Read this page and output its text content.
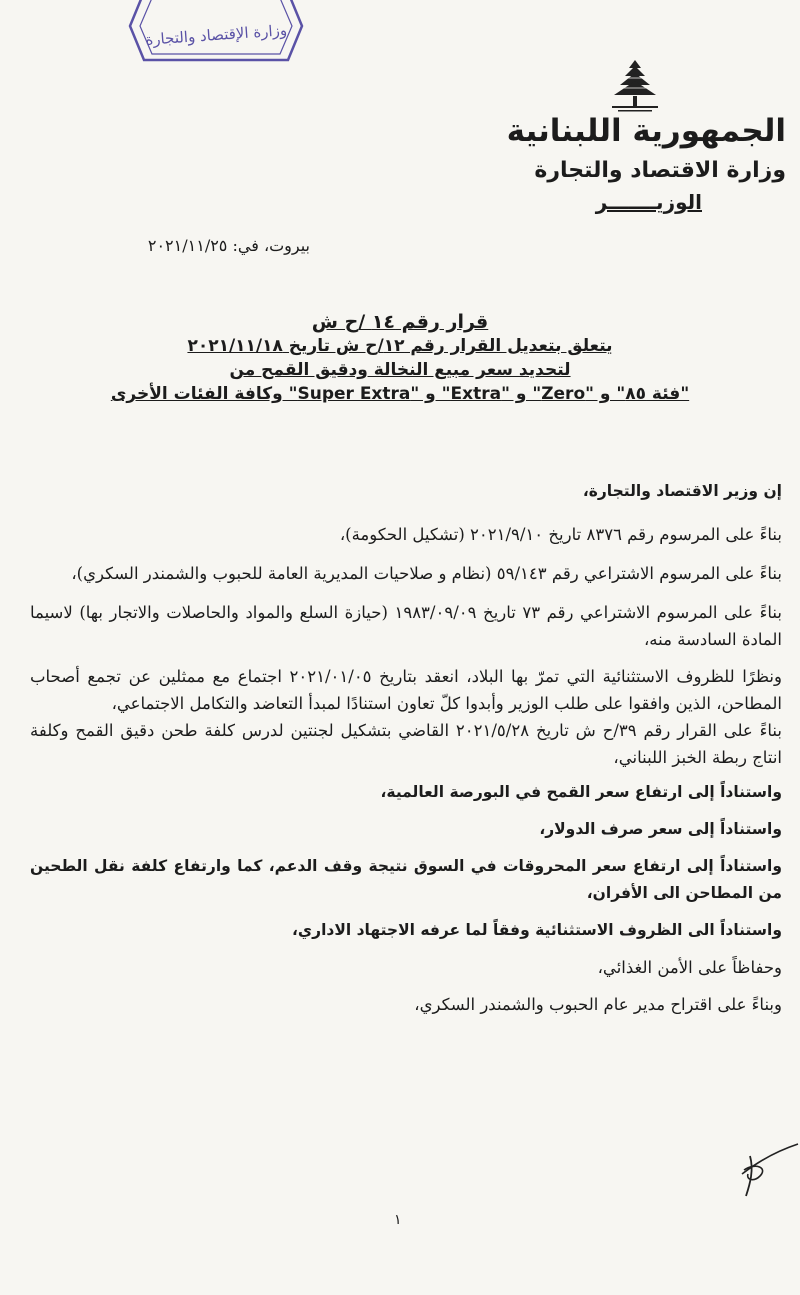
وزارة الإقتصاد والتجارة
الجمهورية اللبنانية
وزارة الاقتصاد والتجارة
الوزيـــــــر
بيروت، في: ٢٠٢١/١١/٢٥
قرار رقم ١٤ /ح ش
يتعلق بتعديل القرار رقم ١٢/ح ش تاريخ ٢٠٢١/١١/١٨
لتحديد سعر مبيع النخالة ودقيق القمح من
"فئة ٨٥" و "Zero" و "Extra" و "Super Extra" وكافة الفئات الأخرى

إن وزير الاقتصاد والتجارة،

بناءً على المرسوم رقم ٨٣٧٦ تاريخ ٢٠٢١/٩/١٠ (تشكيل الحكومة)،

بناءً على المرسوم الاشتراعي رقم ٥٩/١٤٣ (نظام و صلاحيات المديرية العامة للحبوب والشمندر السكري)،

بناءً على المرسوم الاشتراعي رقم ٧٣ تاريخ ١٩٨٣/٠٩/٠٩ (حيازة السلع والمواد والحاصلات والاتجار بها) لاسيما المادة السادسة منه،

ونظرًا للظروف الاستثنائية التي تمرّ بها البلاد، انعقد بتاريخ ٢٠٢١/٠١/٠٥ اجتماع مع ممثلين عن تجمع أصحاب المطاحن، الذين وافقوا على طلب الوزير وأبدوا كلّ تعاون استنادًا لمبدأ التعاضد والتكامل الاجتماعي،

بناءً على القرار رقم ٣٩/ح ش تاريخ ٢٠٢١/٥/٢٨ القاضي بتشكيل لجنتين لدرس كلفة طحن دقيق القمح وكلفة انتاج ربطة الخبز اللبناني،

واستناداً إلى ارتفاع سعر القمح في البورصة العالمية،

واستناداً إلى سعر صرف الدولار،

واستناداً إلى ارتفاع سعر المحروقات في السوق نتيجة وقف الدعم، كما وارتفاع كلفة نقل الطحين من المطاحن الى الأفران،

واستناداً الى الظروف الاستثنائية وفقاً لما عرفه الاجتهاد الاداري،

وحفاظاً على الأمن الغذائي،

وبناءً على اقتراح مدير عام الحبوب والشمندر السكري،

١
